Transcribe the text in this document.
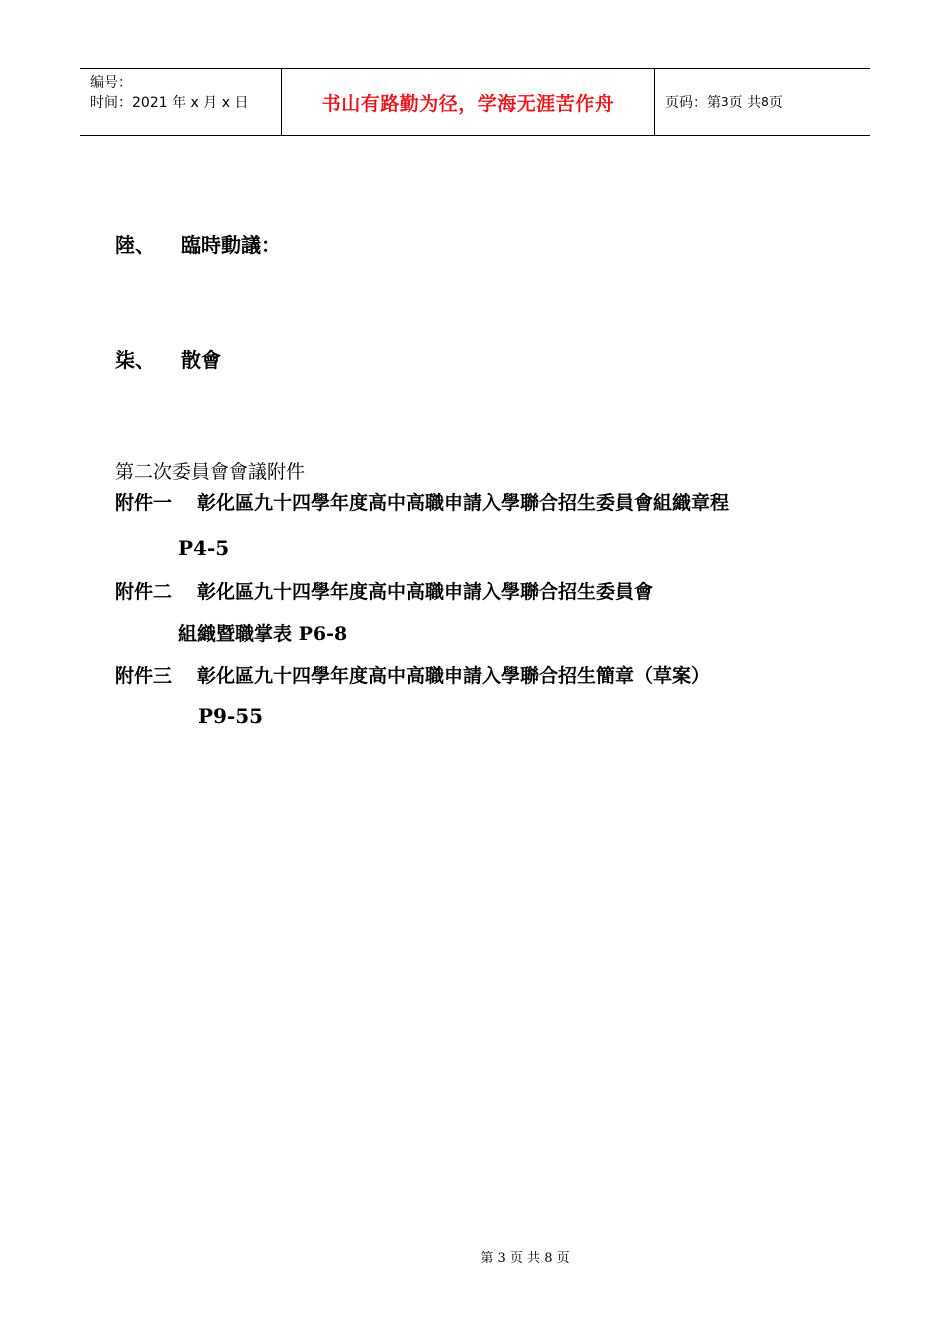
编号：
时间：2021 年 x 月 x 日	书山有路勤为径，学海无涯苦作舟	页码：第 3 页 共 8 页
陸、	臨時動議：
柒、	散會
第二次委員會會議附件
附件一 彰化區九十四學年度高中高職申請入學聯合招生委員會組織章程
P4-5
附件二 彰化區九十四學年度高中高職申請入學聯合招生委員會
組織暨職掌表 P6-8
附件三 彰化區九十四學年度高中高職申請入學聯合招生簡章（草案）
P9-55
第 3 页 共 8 页
